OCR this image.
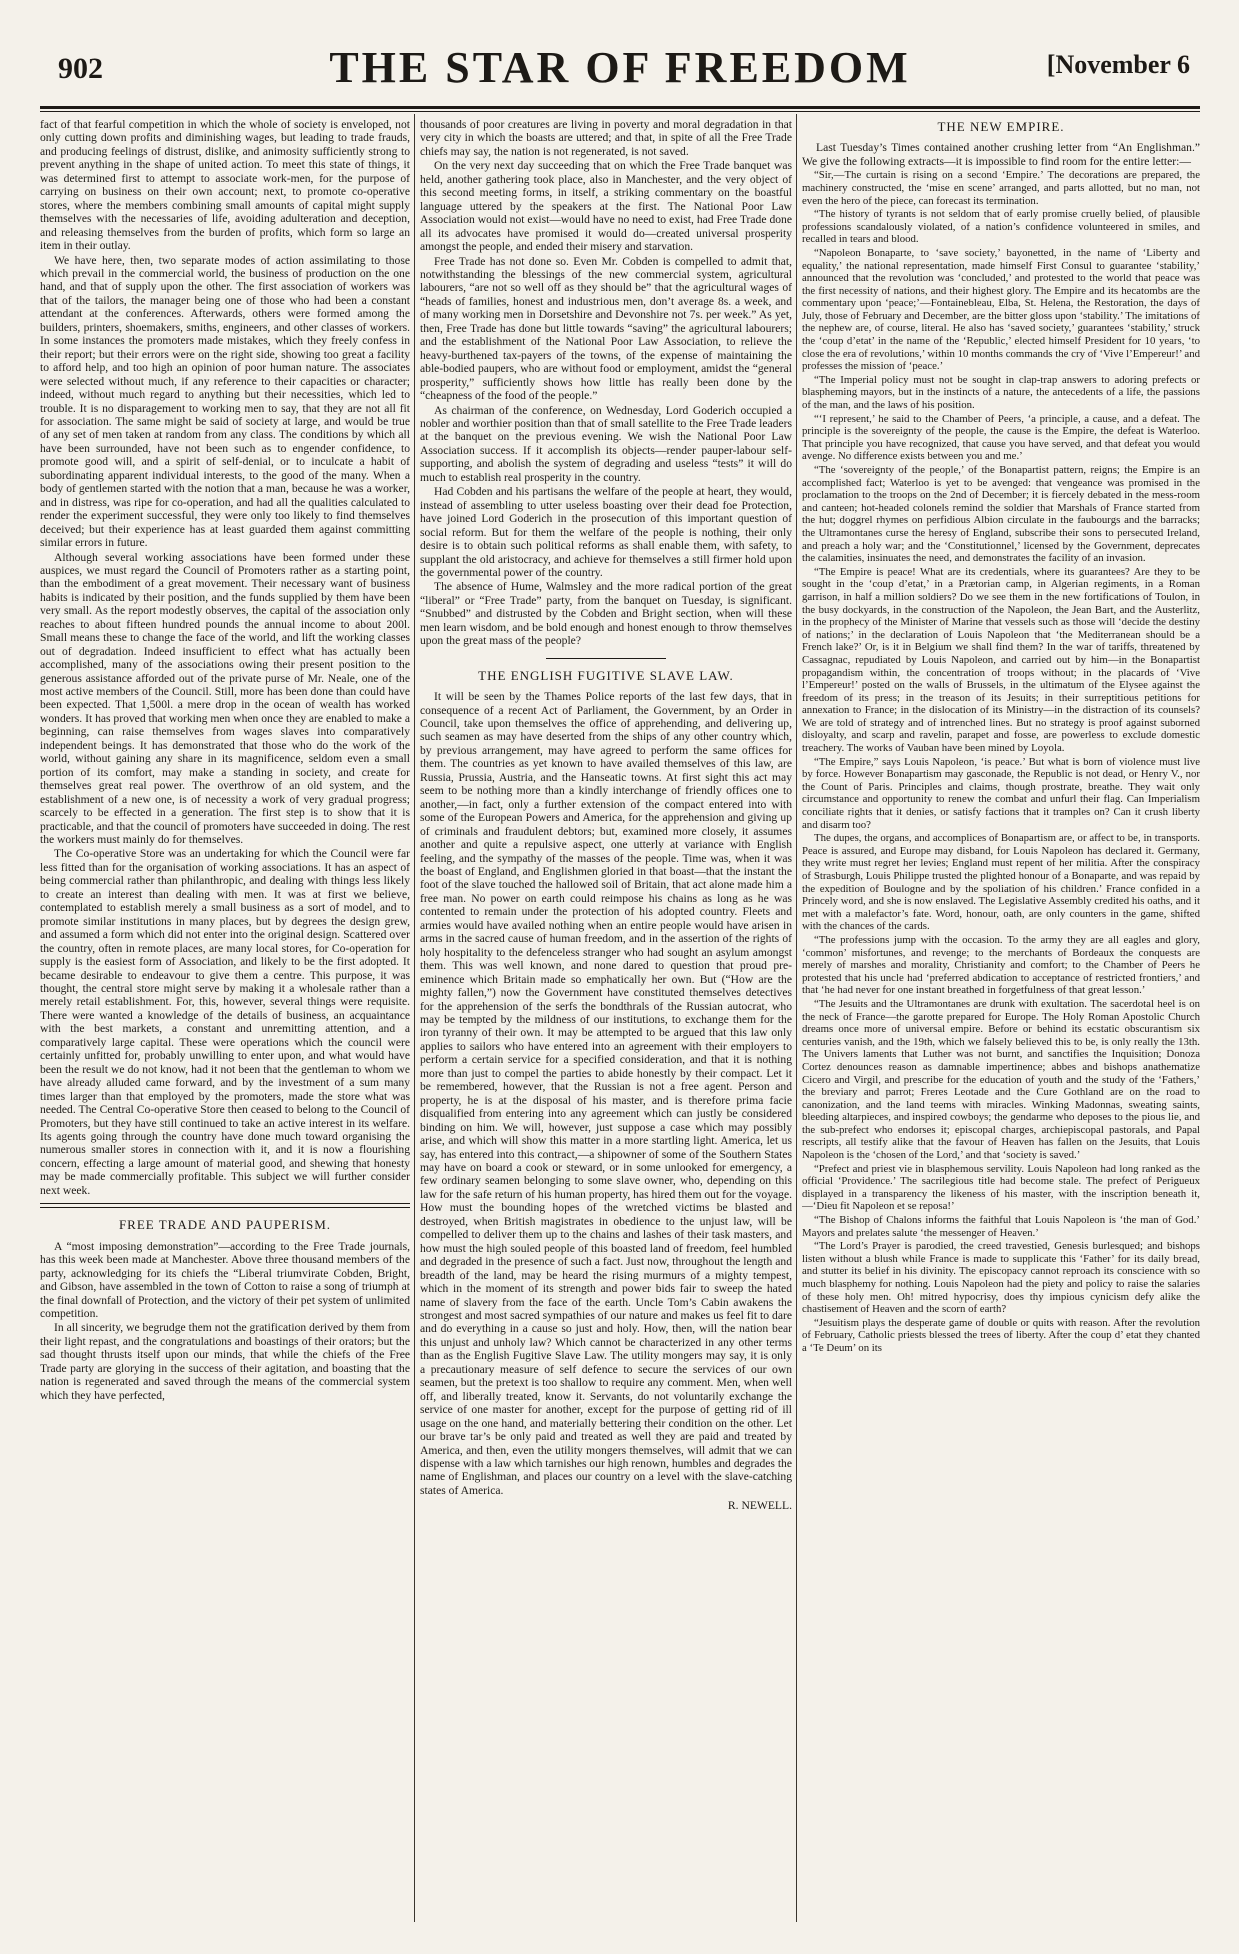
902	THE STAR OF FREEDOM	[November 6

fact of that fearful competition in which the whole of society is enveloped, not only cutting down profits and diminishing wages, but leading to trade frauds, and producing feelings of distrust, dislike, and animosity sufficiently strong to prevent anything in the shape of united action. To meet this state of things, it was determined first to attempt to associate work-men, for the purpose of carrying on business on their own account; next, to promote co-operative stores, where the members combining small amounts of capital might supply themselves with the necessaries of life, avoiding adulteration and deception, and releasing themselves from the burden of profits, which form so large an item in their outlay.

We have here, then, two separate modes of action assimilating to those which prevail in the commercial world, the business of production on the one hand, and that of supply upon the other. The first association of workers was that of the tailors, the manager being one of those who had been a constant attendant at the conferences. Afterwards, others were formed among the builders, printers, shoemakers, smiths, engineers, and other classes of workers. In some instances the promoters made mistakes, which they freely confess in their report; but their errors were on the right side, showing too great a facility to afford help, and too high an opinion of poor human nature. The associates were selected without much, if any reference to their capacities or character; indeed, without much regard to anything but their necessities, which led to trouble. It is no disparagement to working men to say, that they are not all fit for association. The same might be said of society at large, and would be true of any set of men taken at random from any class. The conditions by which all have been surrounded, have not been such as to engender confidence, to promote good will, and a spirit of self-denial, or to inculcate a habit of subordinating apparent individual interests, to the good of the many. When a body of gentlemen started with the notion that a man, because he was a worker, and in distress, was ripe for co-operation, and had all the qualities calculated to render the experiment successful, they were only too likely to find themselves deceived; but their experience has at least guarded them against committing similar errors in future.

Although several working associations have been formed under these auspices, we must regard the Council of Promoters rather as a starting point, than the embodiment of a great movement. Their necessary want of business habits is indicated by their position, and the funds supplied by them have been very small. As the report modestly observes, the capital of the association only reaches to about fifteen hundred pounds the annual income to about 200l. Small means these to change the face of the world, and lift the working classes out of degradation. Indeed insufficient to effect what has actually been accomplished, many of the associations owing their present position to the generous assistance afforded out of the private purse of Mr. Neale, one of the most active members of the Council. Still, more has been done than could have been expected. That 1,500l. a mere drop in the ocean of wealth has worked wonders. It has proved that working men when once they are enabled to make a beginning, can raise themselves from wages slaves into comparatively independent beings. It has demonstrated that those who do the work of the world, without gaining any share in its magnificence, seldom even a small portion of its comfort, may make a standing in society, and create for themselves great real power. The overthrow of an old system, and the establishment of a new one, is of necessity a work of very gradual progress; scarcely to be effected in a generation. The first step is to show that it is practicable, and that the council of promoters have succeeded in doing. The rest the workers must mainly do for themselves.

The Co-operative Store was an undertaking for which the Council were far less fitted than for the organisation of working associations. It has an aspect of being commercial rather than philanthropic, and dealing with things less likely to create an interest than dealing with men. It was at first we believe, contemplated to establish merely a small business as a sort of model, and to promote similar institutions in many places, but by degrees the design grew, and assumed a form which did not enter into the original design. Scattered over the country, often in remote places, are many local stores, for Co-operation for supply is the easiest form of Association, and likely to be the first adopted. It became desirable to endeavour to give them a centre. This purpose, it was thought, the central store might serve by making it a wholesale rather than a merely retail establishment. For, this, however, several things were requisite. There were wanted a knowledge of the details of business, an acquaintance with the best markets, a constant and unremitting attention, and a comparatively large capital. These were operations which the council were certainly unfitted for, probably unwilling to enter upon, and what would have been the result we do not know, had it not been that the gentleman to whom we have already alluded came forward, and by the investment of a sum many times larger than that employed by the promoters, made the store what was needed. The Central Co-operative Store then ceased to belong to the Council of Promoters, but they have still continued to take an active interest in its welfare. Its agents going through the country have done much toward organising the numerous smaller stores in connection with it, and it is now a flourishing concern, effecting a large amount of material good, and shewing that honesty may be made commercially profitable. This subject we will further consider next week.

FREE TRADE AND PAUPERISM.

A “most imposing demonstration”—according to the Free Trade journals, has this week been made at Manchester. Above three thousand members of the party, acknowledging for its chiefs the “Liberal triumvirate Cobden, Bright, and Gibson, have assembled in the town of Cotton to raise a song of triumph at the final downfall of Protection, and the victory of their pet system of unlimited competition.

In all sincerity, we begrudge them not the gratification derived by them from their light repast, and the congratulations and boastings of their orators; but the sad thought thrusts itself upon our minds, that while the chiefs of the Free Trade party are glorying in the success of their agitation, and boasting that the nation is regenerated and saved through the means of the commercial system which they have perfected,

thousands of poor creatures are living in poverty and moral degradation in that very city in which the boasts are uttered; and that, in spite of all the Free Trade chiefs may say, the nation is not regenerated, is not saved.

On the very next day succeeding that on which the Free Trade banquet was held, another gathering took place, also in Manchester, and the very object of this second meeting forms, in itself, a striking commentary on the boastful language uttered by the speakers at the first. The National Poor Law Association would not exist—would have no need to exist, had Free Trade done all its advocates have promised it would do—created universal prosperity amongst the people, and ended their misery and starvation.

Free Trade has not done so. Even Mr. Cobden is compelled to admit that, notwithstanding the blessings of the new commercial system, agricultural labourers, “are not so well off as they should be” that the agricultural wages of “heads of families, honest and industrious men, don’t average 8s. a week, and of many working men in Dorsetshire and Devonshire not 7s. per week.” As yet, then, Free Trade has done but little towards “saving” the agricultural labourers; and the establishment of the National Poor Law Association, to relieve the heavy-burthened tax-payers of the towns, of the expense of maintaining the able-bodied paupers, who are without food or employment, amidst the “general prosperity,” sufficiently shows how little has really been done by the “cheapness of the food of the people.”

As chairman of the conference, on Wednesday, Lord Goderich occupied a nobler and worthier position than that of small satellite to the Free Trade leaders at the banquet on the previous evening. We wish the National Poor Law Association success. If it accomplish its objects—render pauper-labour self-supporting, and abolish the system of degrading and useless “tests” it will do much to establish real prosperity in the country.

Had Cobden and his partisans the welfare of the people at heart, they would, instead of assembling to utter useless boasting over their dead foe Protection, have joined Lord Goderich in the prosecution of this important question of social reform. But for them the welfare of the people is nothing, their only desire is to obtain such political reforms as shall enable them, with safety, to supplant the old aristocracy, and achieve for themselves a still firmer hold upon the governmental power of the country.

The absence of Hume, Walmsley and the more radical portion of the great “liberal” or “Free Trade” party, from the banquet on Tuesday, is significant. “Snubbed” and distrusted by the Cobden and Bright section, when will these men learn wisdom, and be bold enough and honest enough to throw themselves upon the great mass of the people?

THE ENGLISH FUGITIVE SLAVE LAW.

It will be seen by the Thames Police reports of the last few days, that in consequence of a recent Act of Parliament, the Government, by an Order in Council, take upon themselves the office of apprehending, and delivering up, such seamen as may have deserted from the ships of any other country which, by previous arrangement, may have agreed to perform the same offices for them. The countries as yet known to have availed themselves of this law, are Russia, Prussia, Austria, and the Hanseatic towns. At first sight this act may seem to be nothing more than a kindly interchange of friendly offices one to another,—in fact, only a further extension of the compact entered into with some of the European Powers and America, for the apprehension and giving up of criminals and fraudulent debtors; but, examined more closely, it assumes another and quite a repulsive aspect, one utterly at variance with English feeling, and the sympathy of the masses of the people. Time was, when it was the boast of England, and Englishmen gloried in that boast—that the instant the foot of the slave touched the hallowed soil of Britain, that act alone made him a free man. No power on earth could reimpose his chains as long as he was contented to remain under the protection of his adopted country. Fleets and armies would have availed nothing when an entire people would have arisen in arms in the sacred cause of human freedom, and in the assertion of the rights of holy hospitality to the defenceless stranger who had sought an asylum amongst them. This was well known, and none dared to question that proud pre-eminence which Britain made so emphatically her own. But (“How are the mighty fallen,”) now the Government have constituted themselves detectives for the apprehension of the serfs the bondthrals of the Russian autocrat, who may be tempted by the mildness of our institutions, to exchange them for the iron tyranny of their own. It may be attempted to be argued that this law only applies to sailors who have entered into an agreement with their employers to perform a certain service for a specified consideration, and that it is nothing more than just to compel the parties to abide honestly by their compact. Let it be remembered, however, that the Russian is not a free agent. Person and property, he is at the disposal of his master, and is therefore prima facie disqualified from entering into any agreement which can justly be considered binding on him. We will, however, just suppose a case which may possibly arise, and which will show this matter in a more startling light. America, let us say, has entered into this contract,—a shipowner of some of the Southern States may have on board a cook or steward, or in some unlooked for emergency, a few ordinary seamen belonging to some slave owner, who, depending on this law for the safe return of his human property, has hired them out for the voyage. How must the bounding hopes of the wretched victims be blasted and destroyed, when British magistrates in obedience to the unjust law, will be compelled to deliver them up to the chains and lashes of their task masters, and how must the high souled people of this boasted land of freedom, feel humbled and degraded in the presence of such a fact. Just now, throughout the length and breadth of the land, may be heard the rising murmurs of a mighty tempest, which in the moment of its strength and power bids fair to sweep the hated name of slavery from the face of the earth. Uncle Tom’s Cabin awakens the strongest and most sacred sympathies of our nature and makes us feel fit to dare and do everything in a cause so just and holy. How, then, will the nation bear this unjust and unholy law? Which cannot be characterized in any other terms than as the English Fugitive Slave Law. The utility mongers may say, it is only a precautionary measure of self defence to secure the services of our own seamen, but the pretext is too shallow to require any comment. Men, when well off, and liberally treated, know it. Servants, do not voluntarily exchange the service of one master for another, except for the purpose of getting rid of ill usage on the one hand, and materially bettering their condition on the other. Let our brave tar’s be only paid and treated as well they are paid and treated by America, and then, even the utility mongers themselves, will admit that we can dispense with a law which tarnishes our high renown, humbles and degrades the name of Englishman, and places our country on a level with the slave-catching states of America.

R. NEWELL.
THE NEW EMPIRE.

Last Tuesday’s Times contained another crushing letter from “An Englishman.” We give the following extracts—it is impossible to find room for the entire letter:—

“Sir,—The curtain is rising on a second ‘Empire.’ The decorations are prepared, the machinery constructed, the ‘mise en scene’ arranged, and parts allotted, but no man, not even the hero of the piece, can forecast its termination.

“The history of tyrants is not seldom that of early promise cruelly belied, of plausible professions scandalously violated, of a nation’s confidence volunteered in smiles, and recalled in tears and blood.

“Napoleon Bonaparte, to ‘save society,’ bayonetted, in the name of ‘Liberty and equality,’ the national representation, made himself First Consul to guarantee ‘stability,’ announced that the revolution was ‘concluded,’ and protested to the world that peace was the first necessity of nations, and their highest glory. The Empire and its hecatombs are the commentary upon ‘peace;’—Fontainebleau, Elba, St. Helena, the Restoration, the days of July, those of February and December, are the bitter gloss upon ‘stability.’ The imitations of the nephew are, of course, literal. He also has ‘saved society,’ guarantees ‘stability,’ struck the ‘coup d’etat’ in the name of the ‘Republic,’ elected himself President for 10 years, ‘to close the era of revolutions,’ within 10 months commands the cry of ‘Vive l’Empereur!’ and professes the mission of ‘peace.’

“The Imperial policy must not be sought in clap-trap answers to adoring prefects or blaspheming mayors, but in the instincts of a nature, the antecedents of a life, the passions of the man, and the laws of his position.

“‘I represent,’ he said to the Chamber of Peers, ‘a principle, a cause, and a defeat. The principle is the sovereignty of the people, the cause is the Empire, the defeat is Waterloo. That principle you have recognized, that cause you have served, and that defeat you would avenge. No difference exists between you and me.’

“The ‘sovereignty of the people,’ of the Bonapartist pattern, reigns; the Empire is an accomplished fact; Waterloo is yet to be avenged: that vengeance was promised in the proclamation to the troops on the 2nd of December; it is fiercely debated in the mess-room and canteen; hot-headed colonels remind the soldier that Marshals of France started from the hut; doggrel rhymes on perfidious Albion circulate in the faubourgs and the barracks; the Ultramontanes curse the heresy of England, subscribe their sons to persecuted Ireland, and preach a holy war; and the ‘Constitutionnel,’ licensed by the Government, deprecates the calamities, insinuates the need, and demonstrates the facility of an invasion.

“The Empire is peace! What are its credentials, where its guarantees? Are they to be sought in the ‘coup d’etat,’ in a Prætorian camp, in Algerian regiments, in a Roman garrison, in half a million soldiers? Do we see them in the new fortifications of Toulon, in the busy dockyards, in the construction of the Napoleon, the Jean Bart, and the Austerlitz, in the prophecy of the Minister of Marine that vessels such as those will ‘decide the destiny of nations;’ in the declaration of Louis Napoleon that ‘the Mediterranean should be a French lake?’ Or, is it in Belgium we shall find them? In the war of tariffs, threatened by Cassagnac, repudiated by Louis Napoleon, and carried out by him—in the Bonapartist propagandism within, the concentration of troops without; in the placards of ‘Vive l’Empereur!’ posted on the walls of Brussels, in the ultimatum of the Elysee against the freedom of its press; in the treason of its Jesuits; in their surreptitious petitions for annexation to France; in the dislocation of its Ministry—in the distraction of its counsels? We are told of strategy and of intrenched lines. But no strategy is proof against suborned disloyalty, and scarp and ravelin, parapet and fosse, are powerless to exclude domestic treachery. The works of Vauban have been mined by Loyola.

“The Empire,” says Louis Napoleon, ‘is peace.’ But what is born of violence must live by force. However Bonapartism may gasconade, the Republic is not dead, or Henry V., nor the Count of Paris. Principles and claims, though prostrate, breathe. They wait only circumstance and opportunity to renew the combat and unfurl their flag. Can Imperialism conciliate rights that it denies, or satisfy factions that it tramples on? Can it crush liberty and disarm too?

The dupes, the organs, and accomplices of Bonapartism are, or affect to be, in transports. Peace is assured, and Europe may disband, for Louis Napoleon has declared it. Germany, they write must regret her levies; England must repent of her militia. After the conspiracy of Strasburgh, Louis Philippe trusted the plighted honour of a Bonaparte, and was repaid by the expedition of Boulogne and by the spoliation of his children.’ France confided in a Princely word, and she is now enslaved. The Legislative Assembly credited his oaths, and it met with a malefactor’s fate. Word, honour, oath, are only counters in the game, shifted with the chances of the cards.

“The professions jump with the occasion. To the army they are all eagles and glory, ‘common’ misfortunes, and revenge; to the merchants of Bordeaux the conquests are merely of marshes and morality, Christianity and comfort; to the Chamber of Peers he protested that his uncle had ‘preferred abdication to acceptance of restricted frontiers,’ and that ‘he had never for one instant breathed in forgetfulness of that great lesson.’

“The Jesuits and the Ultramontanes are drunk with exultation. The sacerdotal heel is on the neck of France—the garotte prepared for Europe. The Holy Roman Apostolic Church dreams once more of universal empire. Before or behind its ecstatic obscurantism six centuries vanish, and the 19th, which we falsely believed this to be, is only really the 13th. The Univers laments that Luther was not burnt, and sanctifies the Inquisition; Donoza Cortez denounces reason as damnable impertinence; abbes and bishops anathematize Cicero and Virgil, and prescribe for the education of youth and the study of the ‘Fathers,’ the breviary and parrot; Freres Leotade and the Cure Gothland are on the road to canonization, and the land teems with miracles. Winking Madonnas, sweating saints, bleeding altarpieces, and inspired cowboys; the gendarme who deposes to the pious lie, and the sub-prefect who endorses it; episcopal charges, archiepiscopal pastorals, and Papal rescripts, all testify alike that the favour of Heaven has fallen on the Jesuits, that Louis Napoleon is the ‘chosen of the Lord,’ and that ‘society is saved.’

“Prefect and priest vie in blasphemous servility. Louis Napoleon had long ranked as the official ‘Providence.’ The sacrilegious title had become stale. The prefect of Perigueux displayed in a transparency the likeness of his master, with the inscription beneath it,—‘Dieu fit Napoleon et se reposa!’

“The Bishop of Chalons informs the faithful that Louis Napoleon is ‘the man of God.’ Mayors and prelates salute ‘the messenger of Heaven.’

“The Lord’s Prayer is parodied, the creed travestied, Genesis burlesqued; and bishops listen without a blush while France is made to supplicate this ‘Father’ for its daily bread, and stutter its belief in his divinity. The episcopacy cannot reproach its conscience with so much blasphemy for nothing. Louis Napoleon had the piety and policy to raise the salaries of these holy men. Oh! mitred hypocrisy, does thy impious cynicism defy alike the chastisement of Heaven and the scorn of earth?

“Jesuitism plays the desperate game of double or quits with reason. After the revolution of February, Catholic priests blessed the trees of liberty. After the coup d’ etat they chanted a ‘Te Deum’ on its
